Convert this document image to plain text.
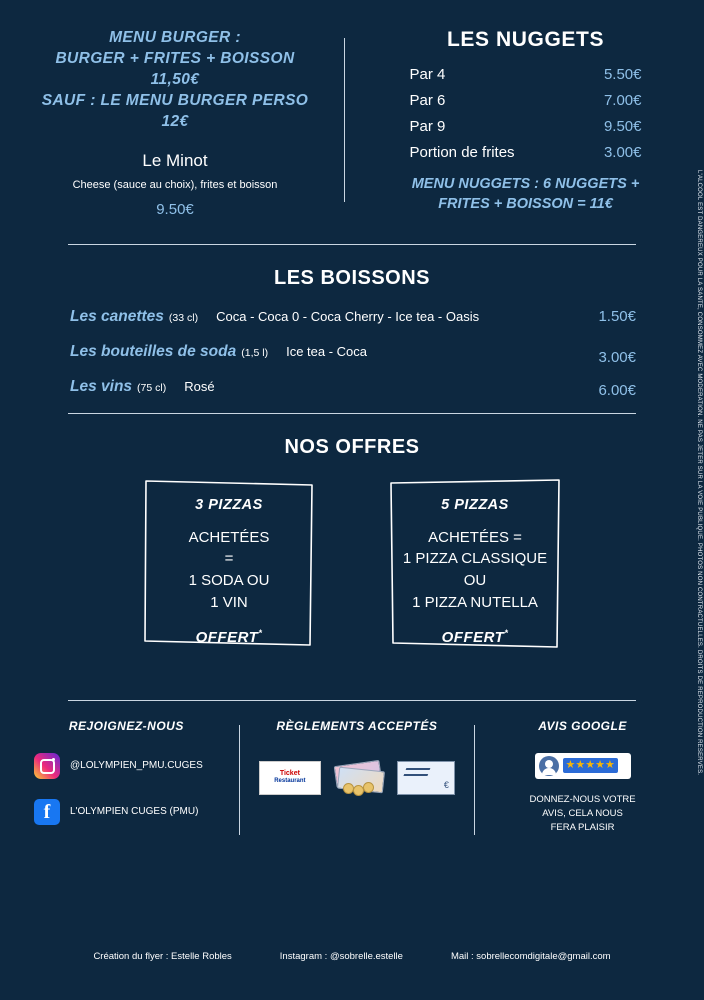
MENU BURGER :
BURGER + FRITES + BOISSON
11,50€
SAUF : LE MENU BURGER PERSO
12€
Le Minot
Cheese (sauce au choix), frites et boisson
9.50€
LES NUGGETS
Par 4	5.50€
Par 6	7.00€
Par 9	9.50€
Portion de frites	3.00€
MENU NUGGETS : 6 NUGGETS +
FRITES + BOISSON = 11€
LES BOISSONS
Les canettes (33 cl)	Coca - Coca 0 - Coca Cherry - Ice tea - Oasis	1.50€
Les bouteilles de soda (1,5 l)	Ice tea - Coca	3.00€
Les vins (75 cl)	Rosé	6.00€
NOS OFFRES
3 PIZZAS
ACHETÉES
=
1 SODA OU
1 VIN
OFFERT*
5 PIZZAS
ACHETÉES =
1 PIZZA CLASSIQUE
OU
1 PIZZA NUTELLA
OFFERT*
REJOIGNEZ-NOUS
@LOLYMPIEN_PMU.CUGES
f	L'OLYMPIEN CUGES (PMU)
RÈGLEMENTS ACCEPTÉS
Ticket
Restaurant	€
AVIS GOOGLE
★★★★★
DONNEZ-NOUS VOTRE
AVIS, CELA NOUS
FERA PLAISIR
Création du flyer : Estelle Robles	Instagram : @sobrelle.estelle	Mail : sobrellecomdigitale@gmail.com
L'ALCOOL EST DANGEREUX POUR LA SANTE, CONSOMMEZ AVEC MODERATION. NE PAS JETER SUR LA VOIE PUBLIQUE. PHOTOS NON CONTRACTUELLES. DROITS DE REPRODUCTION RESERVES.
